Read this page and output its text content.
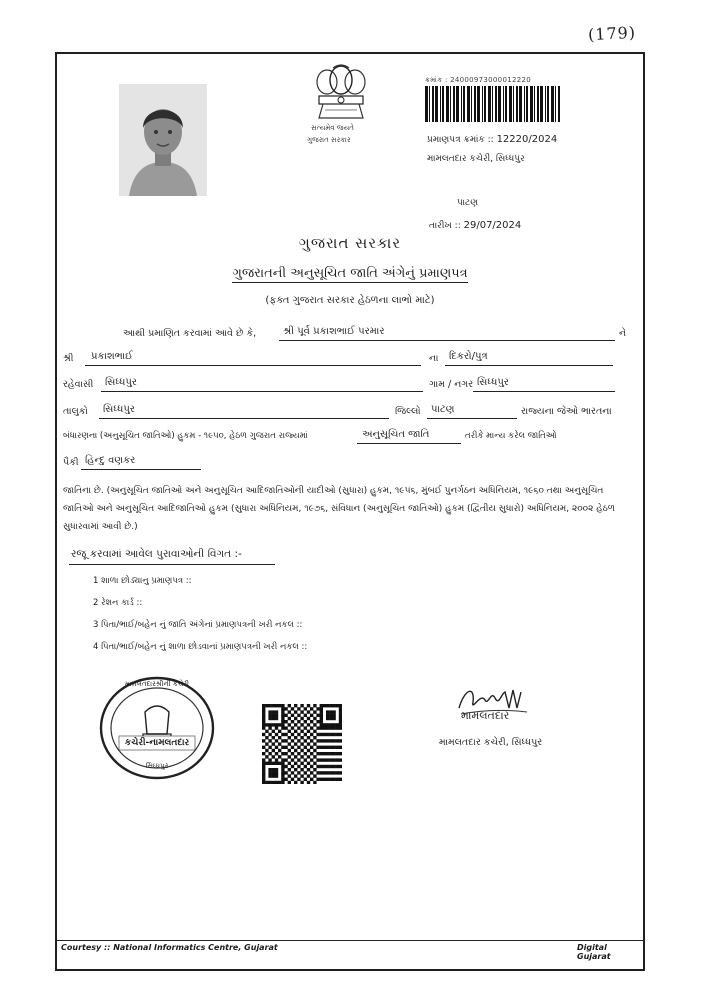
(179)
સત્યમેવ જયતે
ગુજરાત સરકાર
ક્રમાંક : 24000973000012220
પ્રમાણપત્ર ક્રમાંક :: 12220/2024
મામલતદાર કચેરી, સિધ્ધપુર
પાટણ
તારીખ :: 29/07/2024
ગુજરાત સરકાર
ગુજરાતની અનુસૂચિત જાતિ અંગેનું પ્રમાણપત્ર
(ફક્ત ગુજરાત સરકાર હેઠળના લાભો માટે)
આથી પ્રમાણિત કરવામાં આવે છે કે,	શ્રી પૂર્વ પ્રકાશભાઈ પરમાર	ને
શ્રી પ્રકાશભાઈ	ના દિકરો/પુત્ર
રહેવાસી સિધ્ધપુર	ગામ / નગર સિધ્ધપુર
તાલુકો સિધ્ધપુર	જિલ્લો પાટણ	રાજ્યના જેઓ ભારતના
બંધારણના (અનુસૂચિત જાતિઓ) હુકમ - ૧૯૫૦, હેઠળ ગુજરાત રાજ્યમાં	અનુસૂચિત જાતિ	તરીકે માન્ય કરેલ જાતિઓ
પૈકી હિન્દુ વણકર
જાતિના છે. (અનુસૂચિત જાતિઓ અને અનુસૂચિત આદિજાતિઓની યાદીઓ (સુધારા) હુકમ, ૧૯૫૬, મુંબઈ પુનર્ગઠન અધિનિયમ, ૧૯૬૦ તથા અનુસૂચિત જાતિઓ અને અનુસૂચિત આદિજાતિઓ હુકમ (સુધારા અધિનિયમ, ૧૯૭૬, સંવિધાન (અનુસૂચિત જાતિઓ) હુકમ (દ્વિતીય સુધારો) અધિનિયમ, ૨૦૦૨ હેઠળ સુધારવામાં આવી છે.)
રજૂ કરવામાં આવેલ પુરાવાઓની વિગત :-
1 શાળા છોડ્યાનુ પ્રમાણપત્ર ::
2 રેશન કાર્ડ ::
3 પિતા/ભાઈ/બહેન નું જાતિ અંગેનાં પ્રમાણપત્રની ખરી નકલ ::
4 પિતા/ભાઈ/બહેન નું શાળા છોડવાનાં પ્રમાણપત્રની ખરી નકલ ::
મામલતદારશ્રીની કચેરી
કચેરી-નામલતદાર
સિધ્ધપુર
મામલતદાર
મામલતદાર કચેરી, સિધ્ધપુર
Courtesy :: National Informatics Centre, Gujarat	Digital Gujarat
